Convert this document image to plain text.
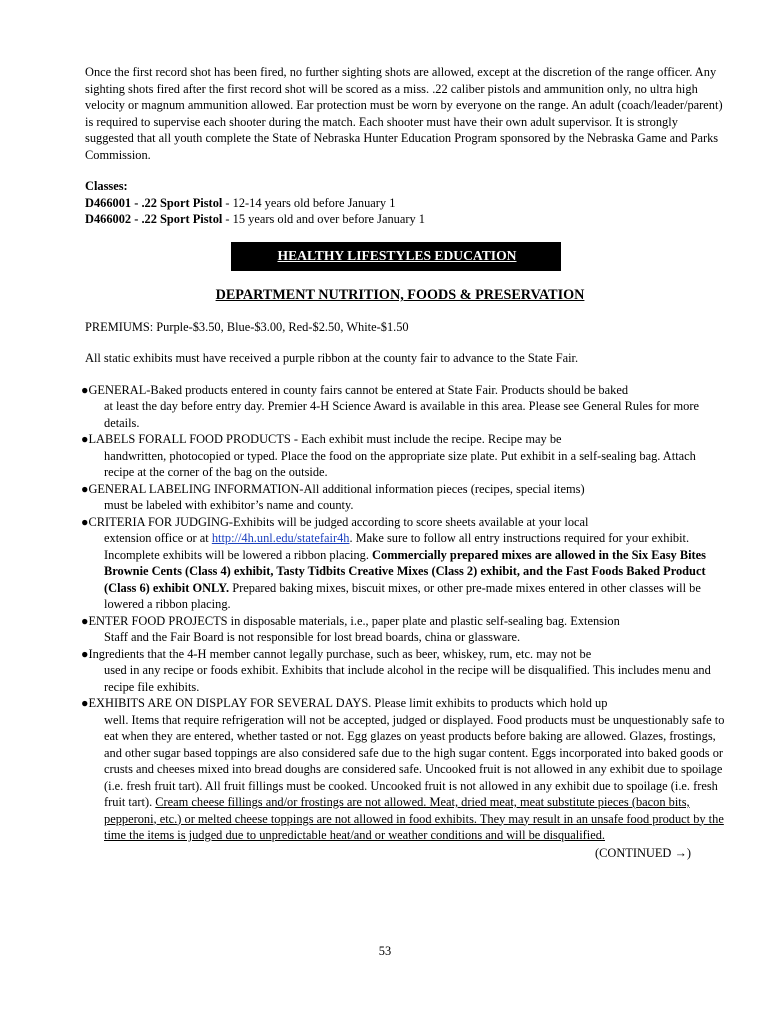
Once the first record shot has been fired, no further sighting shots are allowed, except at the discretion of the range officer. Any sighting shots fired after the first record shot will be scored as a miss. .22 caliber pistols and ammunition only, no ultra high velocity or magnum ammunition allowed. Ear protection must be worn by everyone on the range. An adult (coach/leader/parent) is required to supervise each shooter during the match. Each shooter must have their own adult supervisor. It is strongly suggested that all youth complete the State of Nebraska Hunter Education Program sponsored by the Nebraska Game and Parks Commission.

Classes:
D466001 - .22 Sport Pistol - 12-14 years old before January 1
D466002 - .22 Sport Pistol - 15 years old and over before January 1
HEALTHY LIFESTYLES EDUCATION
DEPARTMENT NUTRITION, FOODS & PRESERVATION

PREMIUMS: Purple-$3.50, Blue-$3.00, Red-$2.50, White-$1.50

All static exhibits must have received a purple ribbon at the county fair to advance to the State Fair.

●GENERAL-Baked products entered in county fairs cannot be entered at State Fair. Products should be baked
at least the day before entry day. Premier 4-H Science Award is available in this area. Please see General Rules for more details.
●LABELS FORALL FOOD PRODUCTS - Each exhibit must include the recipe. Recipe may be
handwritten, photocopied or typed. Place the food on the appropriate size plate. Put exhibit in a self-sealing bag. Attach recipe at the corner of the bag on the outside.
●GENERAL LABELING INFORMATION-All additional information pieces (recipes, special items)
must be labeled with exhibitor’s name and county.
●CRITERIA FOR JUDGING-Exhibits will be judged according to score sheets available at your local
extension office or at http://4h.unl.edu/statefair4h. Make sure to follow all entry instructions required for your exhibit. Incomplete exhibits will be lowered a ribbon placing. Commercially prepared mixes are allowed in the Six Easy Bites Brownie Cents (Class 4) exhibit, Tasty Tidbits Creative Mixes (Class 2) exhibit, and the Fast Foods Baked Product (Class 6) exhibit ONLY. Prepared baking mixes, biscuit mixes, or other pre-made mixes entered in other classes will be lowered a ribbon placing.
●ENTER FOOD PROJECTS in disposable materials, i.e., paper plate and plastic self-sealing bag. Extension
Staff and the Fair Board is not responsible for lost bread boards, china or glassware.
●Ingredients that the 4-H member cannot legally purchase, such as beer, whiskey, rum, etc. may not be
used in any recipe or foods exhibit. Exhibits that include alcohol in the recipe will be disqualified. This includes menu and recipe file exhibits.
●EXHIBITS ARE ON DISPLAY FOR SEVERAL DAYS. Please limit exhibits to products which hold up
well. Items that require refrigeration will not be accepted, judged or displayed. Food products must be unquestionably safe to eat when they are entered, whether tasted or not. Egg glazes on yeast products before baking are allowed. Glazes, frostings, and other sugar based toppings are also considered safe due to the high sugar content. Eggs incorporated into baked goods or crusts and cheeses mixed into bread doughs are considered safe. Uncooked fruit is not allowed in any exhibit due to spoilage (i.e. fresh fruit tart). All fruit fillings must be cooked. Uncooked fruit is not allowed in any exhibit due to spoilage (i.e. fresh fruit tart). Cream cheese fillings and/or frostings are not allowed. Meat, dried meat, meat substitute pieces (bacon bits, pepperoni, etc.) or melted cheese toppings are not allowed in food exhibits. They may result in an unsafe food product by the time the items is judged due to unpredictable heat/and or weather conditions and will be disqualified.
(CONTINUED →)
53
